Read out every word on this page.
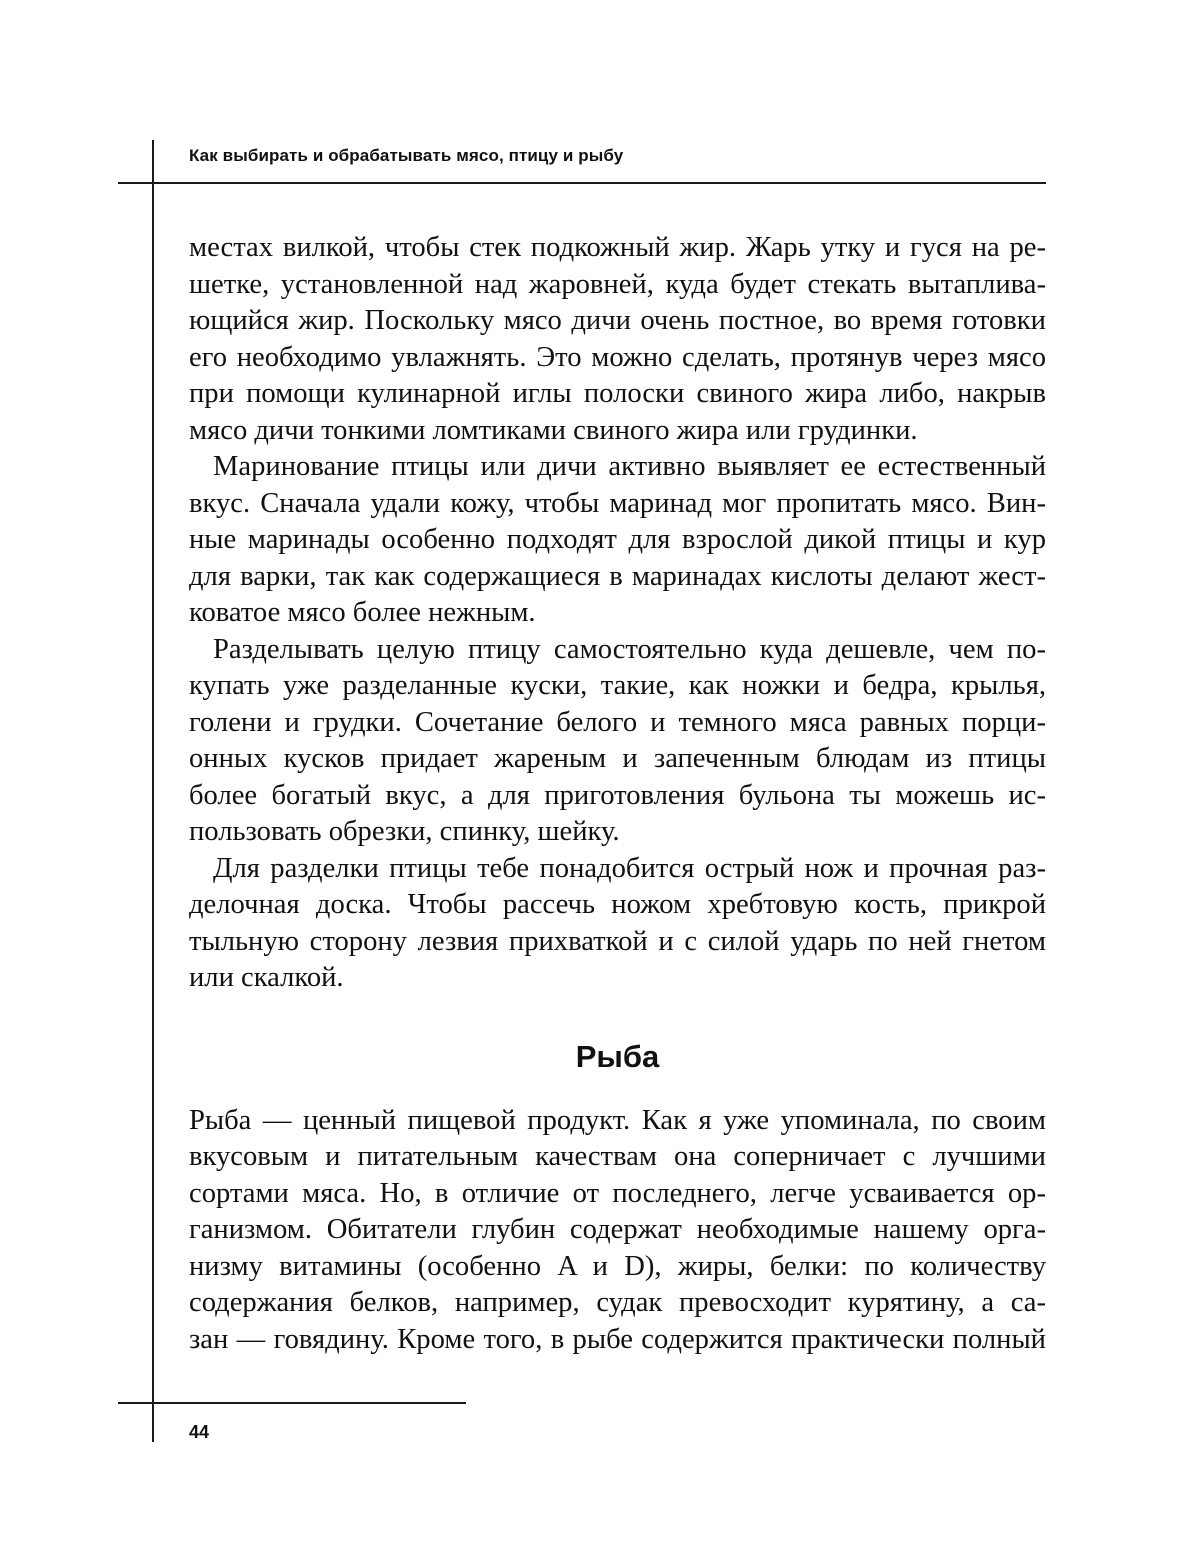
Как выбирать и обрабатывать мясо, птицу и рыбу
местах вилкой, чтобы стек подкожный жир. Жарь утку и гуся на ре-
шетке, установленной над жаровней, куда будет стекать вытаплива-
ющийся жир. Поскольку мясо дичи очень постное, во время готовки
его необходимо увлажнять. Это можно сделать, протянув через мясо
при помощи кулинарной иглы полоски свиного жира либо, накрыв
мясо дичи тонкими ломтиками свиного жира или грудинки.
Маринование птицы или дичи активно выявляет ее естественный
вкус. Сначала удали кожу, чтобы маринад мог пропитать мясо. Вин-
ные маринады особенно подходят для взрослой дикой птицы и кур
для варки, так как содержащиеся в маринадах кислоты делают жест-
коватое мясо более нежным.
Разделывать целую птицу самостоятельно куда дешевле, чем по-
купать уже разделанные куски, такие, как ножки и бедра, крылья,
голени и грудки. Сочетание белого и темного мяса равных порци-
онных кусков придает жареным и запеченным блюдам из птицы
более богатый вкус, а для приготовления бульона ты можешь ис-
пользовать обрезки, спинку, шейку.
Для разделки птицы тебе понадобится острый нож и прочная раз-
делочная доска. Чтобы рассечь ножом хребтовую кость, прикрой
тыльную сторону лезвия прихваткой и с силой ударь по ней гнетом
или скалкой.
Рыба
Рыба — ценный пищевой продукт. Как я уже упоминала, по своим
вкусовым и питательным качествам она соперничает с лучшими
сортами мяса. Но, в отличие от последнего, легче усваивается ор-
ганизмом. Обитатели глубин содержат необходимые нашему орга-
низму витамины (особенно A и D), жиры, белки: по количеству
содержания белков, например, судак превосходит курятину, а са-
зан — говядину. Кроме того, в рыбе содержится практически полный
44
